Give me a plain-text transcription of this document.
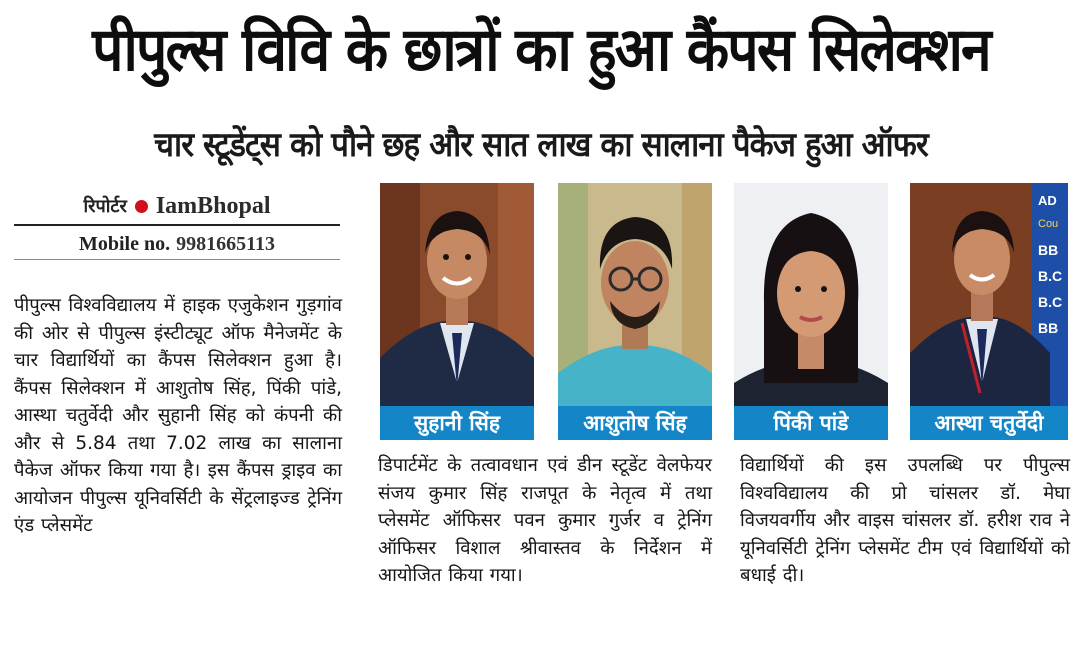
पीपुल्स विवि के छात्रों का हुआ कैंपस सिलेक्शन
चार स्टूडेंट्स को पौने छह और सात लाख का सालाना पैकेज हुआ ऑफर
रिपोर्टर IamBhopal
Mobile no. 9981665113

पीपुल्स विश्वविद्यालय में हाइक एजुकेशन गुड़गांव की ओर से पीपुल्स इंस्टीट्यूट ऑफ मैनेजमेंट के चार विद्यार्थियों का कैंपस सिलेक्शन हुआ है। कैंपस सिलेक्शन में आशुतोष सिंह, पिंकी पांडे, आस्था चतुर्वेदी और सुहानी सिंह को कंपनी की और से 5.84 तथा 7.02 लाख का सालाना पैकेज ऑफर किया गया है। इस कैंपस ड्राइव का आयोजन पीपुल्स यूनिवर्सिटी के सेंट्रलाइज्ड ट्रेनिंग एंड प्लेसमेंट

सुहानी सिंह	आशुतोष सिंह	पिंकी पांडे
AD
Cou
BB
B.C
B.C
BB
आस्था चतुर्वेदी

डिपार्टमेंट के तत्वावधान एवं डीन स्टूडेंट वेलफेयर संजय कुमार सिंह राजपूत के नेतृत्व में तथा प्लेसमेंट ऑफिसर पवन कुमार गुर्जर व ट्रेनिंग ऑफिसर विशाल श्रीवास्तव के निर्देशन में आयोजित किया गया।

विद्यार्थियों की इस उपलब्धि पर पीपुल्स विश्वविद्यालय की प्रो चांसलर डॉ. मेघा विजयवर्गीय और वाइस चांसलर डॉ. हरीश राव ने यूनिवर्सिटी ट्रेनिंग प्लेसमेंट टीम एवं विद्यार्थियों को बधाई दी।
